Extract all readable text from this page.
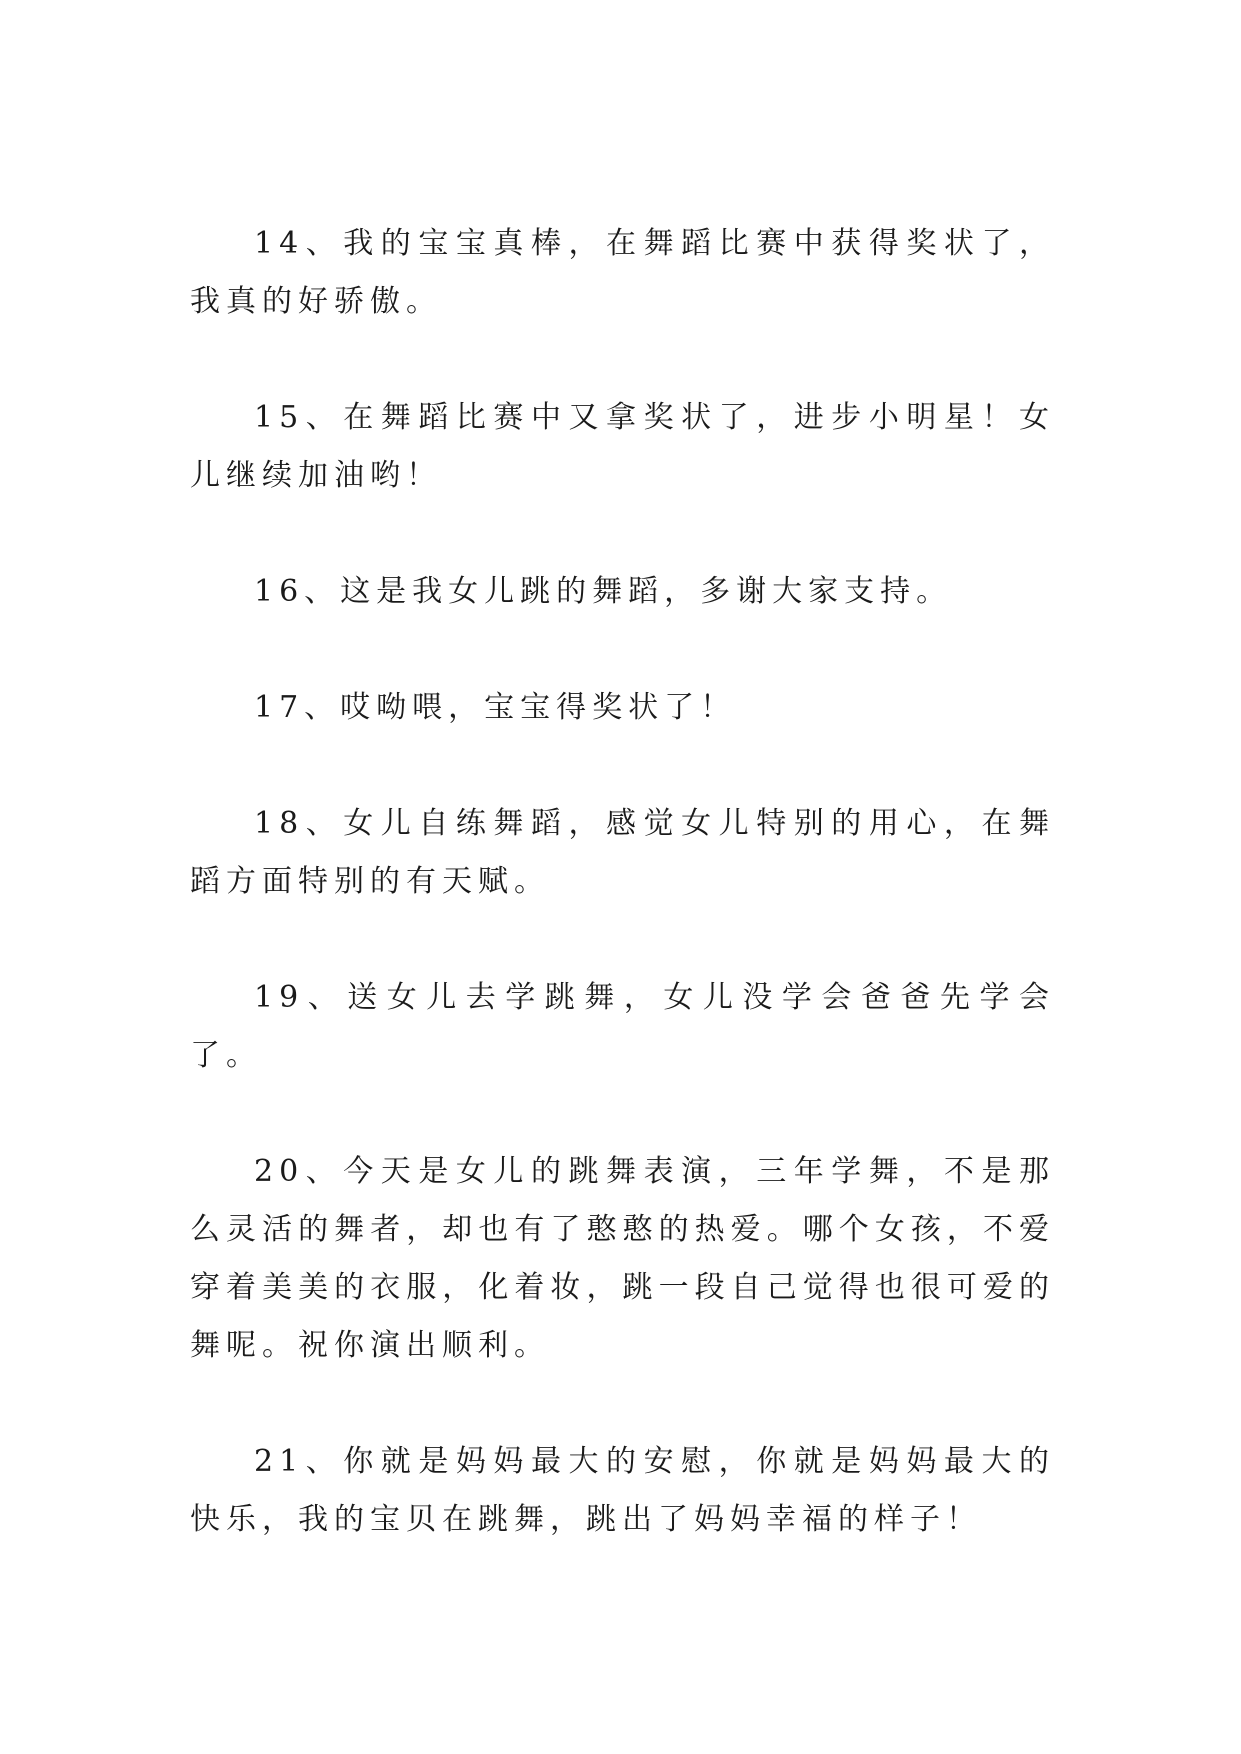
14、我的宝宝真棒，在舞蹈比赛中获得奖状了，我真的好骄傲。

15、在舞蹈比赛中又拿奖状了，进步小明星！女儿继续加油哟！

16、这是我女儿跳的舞蹈，多谢大家支持。

17、哎呦喂，宝宝得奖状了！

18、女儿自练舞蹈，感觉女儿特别的用心，在舞蹈方面特别的有天赋。

19、送女儿去学跳舞，女儿没学会爸爸先学会了。

20、今天是女儿的跳舞表演，三年学舞，不是那么灵活的舞者，却也有了憨憨的热爱。哪个女孩，不爱穿着美美的衣服，化着妆，跳一段自己觉得也很可爱的舞呢。祝你演出顺利。

21、你就是妈妈最大的安慰，你就是妈妈最大的快乐，我的宝贝在跳舞，跳出了妈妈幸福的样子！
